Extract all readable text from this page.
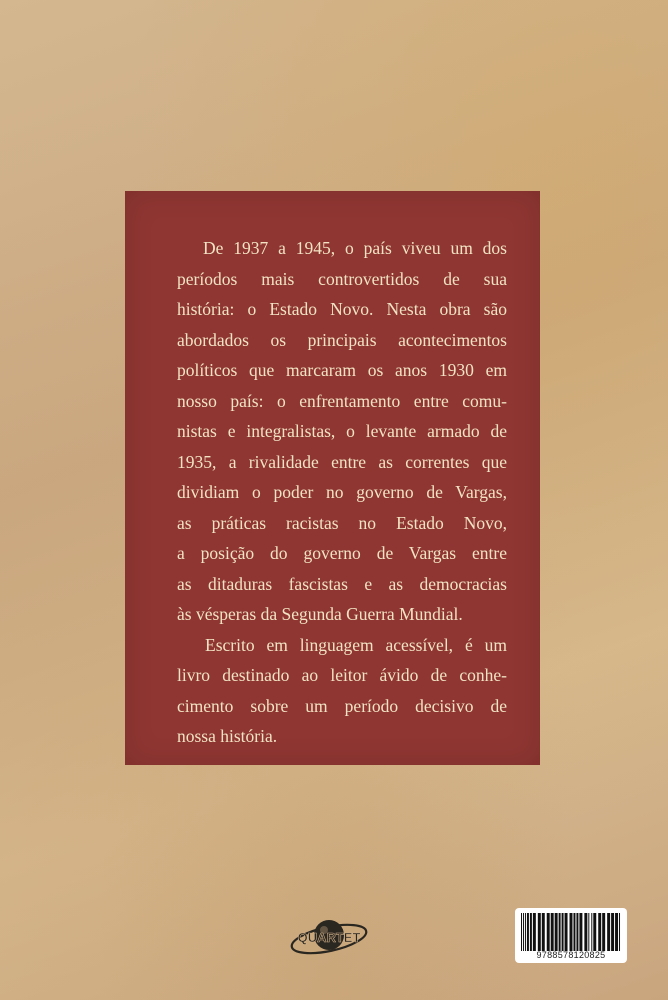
De 1937 a 1945, o país viveu um dos
períodos mais controvertidos de sua
história: o Estado Novo. Nesta obra são
abordados os principais acontecimentos
políticos que marcaram os anos 1930 em
nosso país: o enfrentamento entre comu-
nistas e integralistas, o levante armado de
1935, a rivalidade entre as correntes que
dividiam o poder no governo de Vargas,
as práticas racistas no Estado Novo,
a posição do governo de Vargas entre
as ditaduras fascistas e as democracias
às vésperas da Segunda Guerra Mundial.

Escrito em linguagem acessível, é um
livro destinado ao leitor ávido de conhe-
cimento sobre um período decisivo de
nossa história.

QUARTET
9788578120825
